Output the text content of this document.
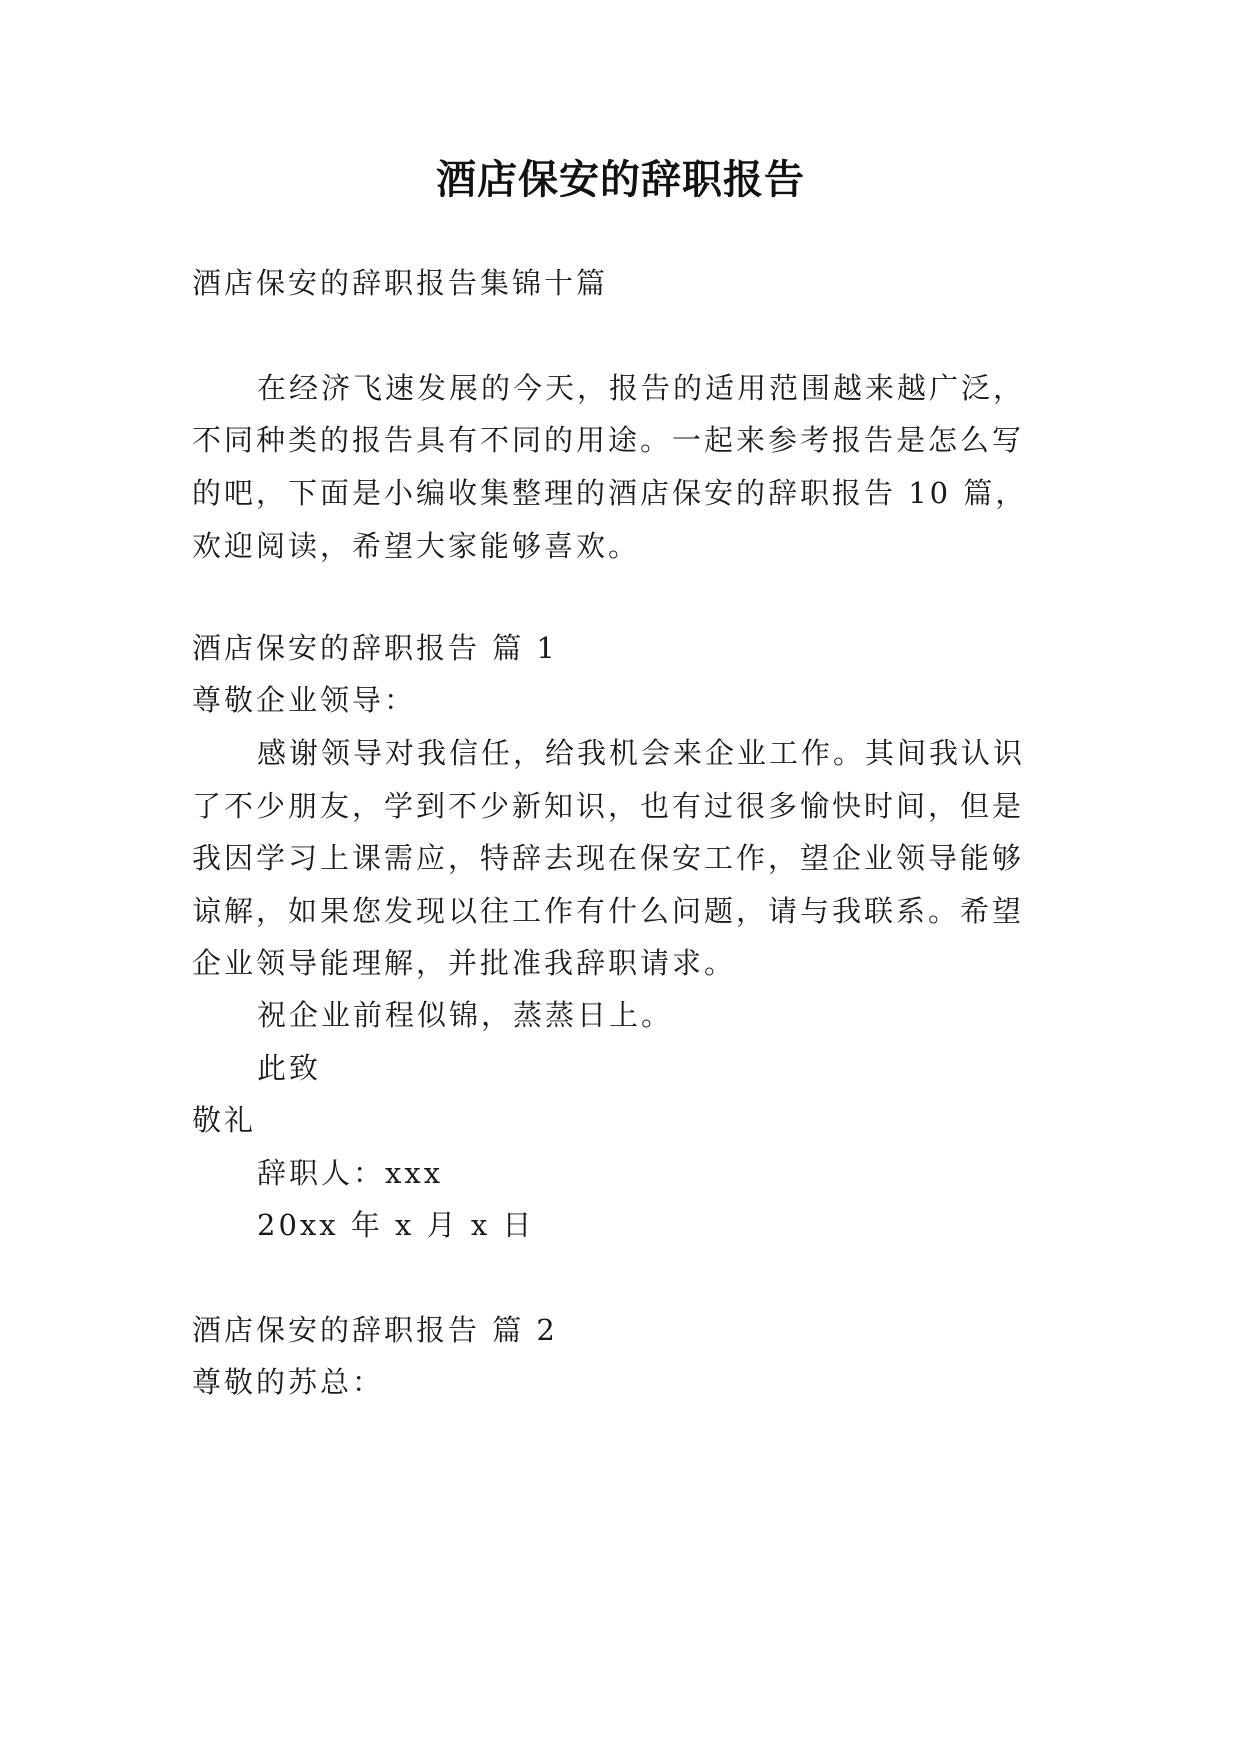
酒店保安的辞职报告
酒店保安的辞职报告集锦十篇
在经济飞速发展的今天，报告的适用范围越来越广泛，
不同种类的报告具有不同的用途。一起来参考报告是怎么写
的吧，下面是小编收集整理的酒店保安的辞职报告 10 篇，
欢迎阅读，希望大家能够喜欢。
酒店保安的辞职报告 篇 1
尊敬企业领导：
感谢领导对我信任，给我机会来企业工作。其间我认识
了不少朋友，学到不少新知识，也有过很多愉快时间，但是
我因学习上课需应，特辞去现在保安工作，望企业领导能够
谅解，如果您发现以往工作有什么问题，请与我联系。希望
企业领导能理解，并批准我辞职请求。
祝企业前程似锦，蒸蒸日上。
此致
敬礼
辞职人：xxx
20xx 年 x 月 x 日
酒店保安的辞职报告 篇 2
尊敬的苏总：
